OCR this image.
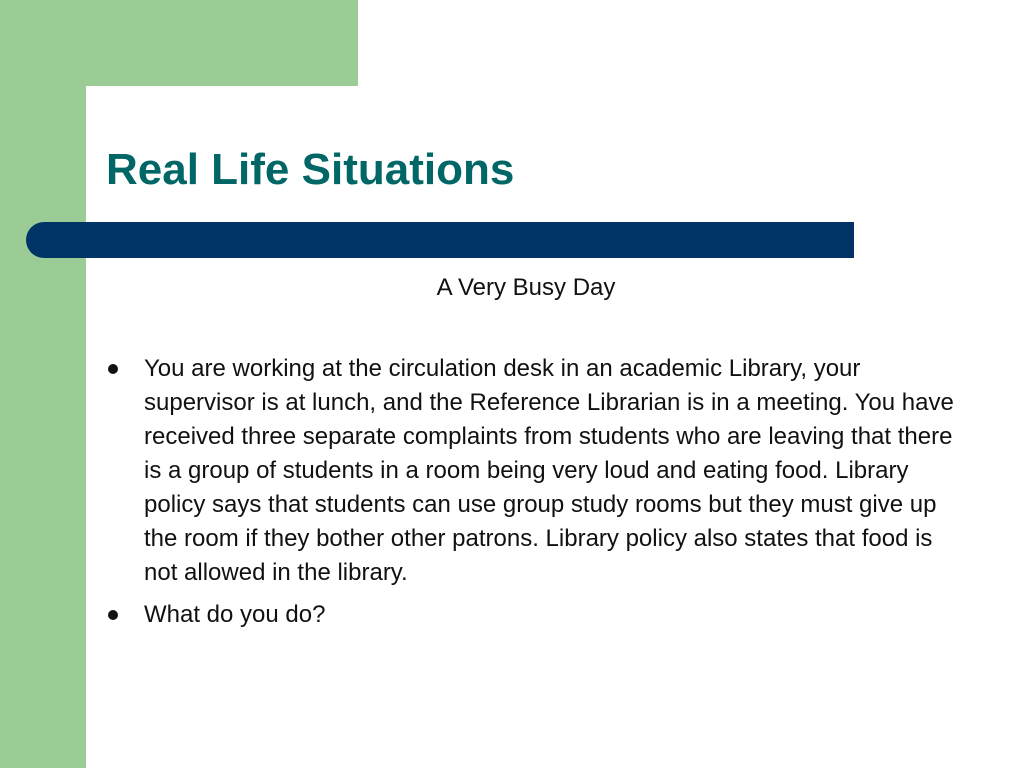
Real Life Situations

A Very Busy Day

You are working at the circulation desk in an academic Library, your supervisor is at lunch, and the Reference Librarian is in a meeting. You have received three separate complaints from students who are leaving that there is a group of students in a room being very loud and eating food. Library policy says that students can use group study rooms but they must give up the room if they bother other patrons. Library policy also states that food is not allowed in the library.
What do you do?
